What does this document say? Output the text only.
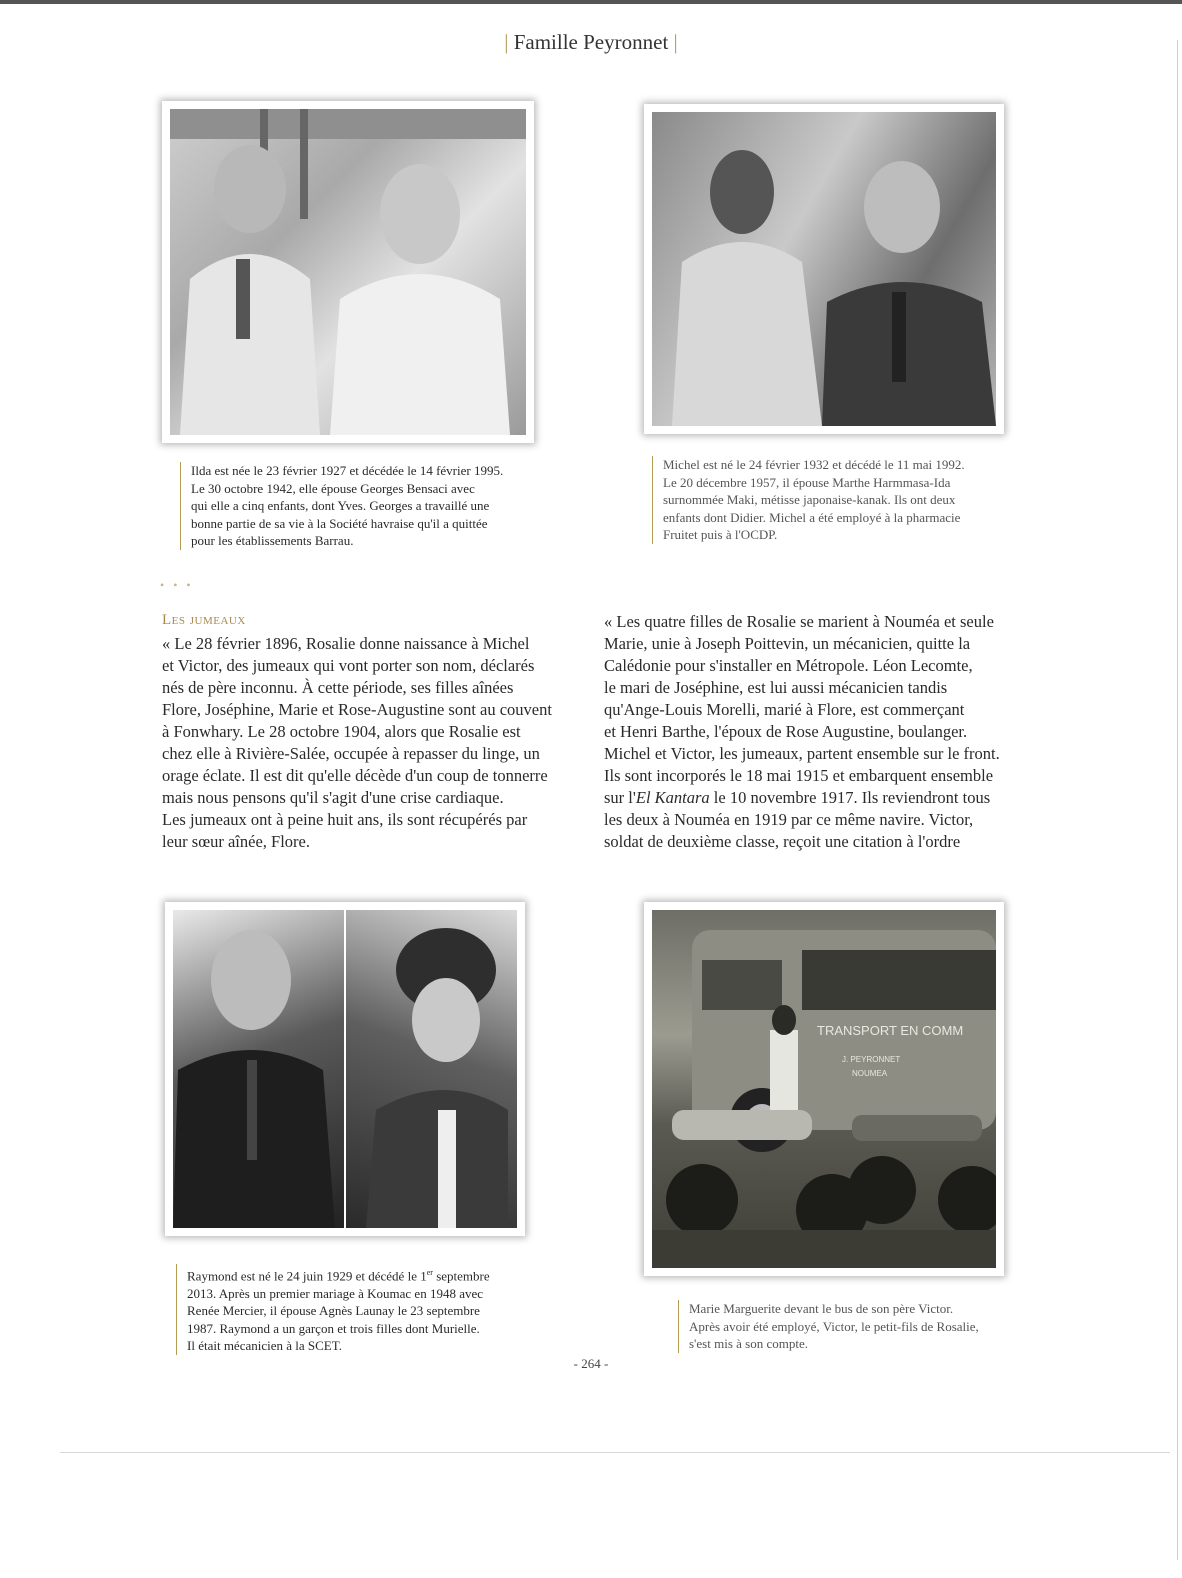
| Famille Peyronnet |
Ilda est née le 23 février 1927 et décédée le 14 février 1995.
Le 30 octobre 1942, elle épouse Georges Bensaci avec
qui elle a cinq enfants, dont Yves. Georges a travaillé une
bonne partie de sa vie à la Société havraise qu'il a quittée
pour les établissements Barrau.
Michel est né le 24 février 1932 et décédé le 11 mai 1992.
Le 20 décembre 1957, il épouse Marthe Harmmasa-Ida
surnommée Maki, métisse japonaise-kanak. Ils ont deux
enfants dont Didier. Michel a été employé à la pharmacie
Fruitet puis à l'OCDP.
• • •
Les jumeaux
« Le 28 février 1896, Rosalie donne naissance à Michel
et Victor, des jumeaux qui vont porter son nom, déclarés
nés de père inconnu. À cette période, ses filles aînées
Flore, Joséphine, Marie et Rose-Augustine sont au couvent
à Fonwhary. Le 28 octobre 1904, alors que Rosalie est
chez elle à Rivière-Salée, occupée à repasser du linge, un
orage éclate. Il est dit qu'elle décède d'un coup de tonnerre
mais nous pensons qu'il s'agit d'une crise cardiaque.
Les jumeaux ont à peine huit ans, ils sont récupérés par
leur sœur aînée, Flore.
« Les quatre filles de Rosalie se marient à Nouméa et seule
Marie, unie à Joseph Poittevin, un mécanicien, quitte la
Calédonie pour s'installer en Métropole. Léon Lecomte,
le mari de Joséphine, est lui aussi mécanicien tandis
qu'Ange-Louis Morelli, marié à Flore, est commerçant
et Henri Barthe, l'époux de Rose Augustine, boulanger.
Michel et Victor, les jumeaux, partent ensemble sur le front.
Ils sont incorporés le 18 mai 1915 et embarquent ensemble
sur l'El Kantara le 10 novembre 1917. Ils reviendront tous
les deux à Nouméa en 1919 par ce même navire. Victor,
soldat de deuxième classe, reçoit une citation à l'ordre
Raymond est né le 24 juin 1929 et décédé le 1er septembre
2013. Après un premier mariage à Koumac en 1948 avec
Renée Mercier, il épouse Agnès Launay le 23 septembre
1987. Raymond a un garçon et trois filles dont Murielle.
Il était mécanicien à la SCET.
TRANSPORT EN COMM
J. PEYRONNET
NOUMEA
Marie Marguerite devant le bus de son père Victor.
Après avoir été employé, Victor, le petit-fils de Rosalie,
s'est mis à son compte.
- 264 -
